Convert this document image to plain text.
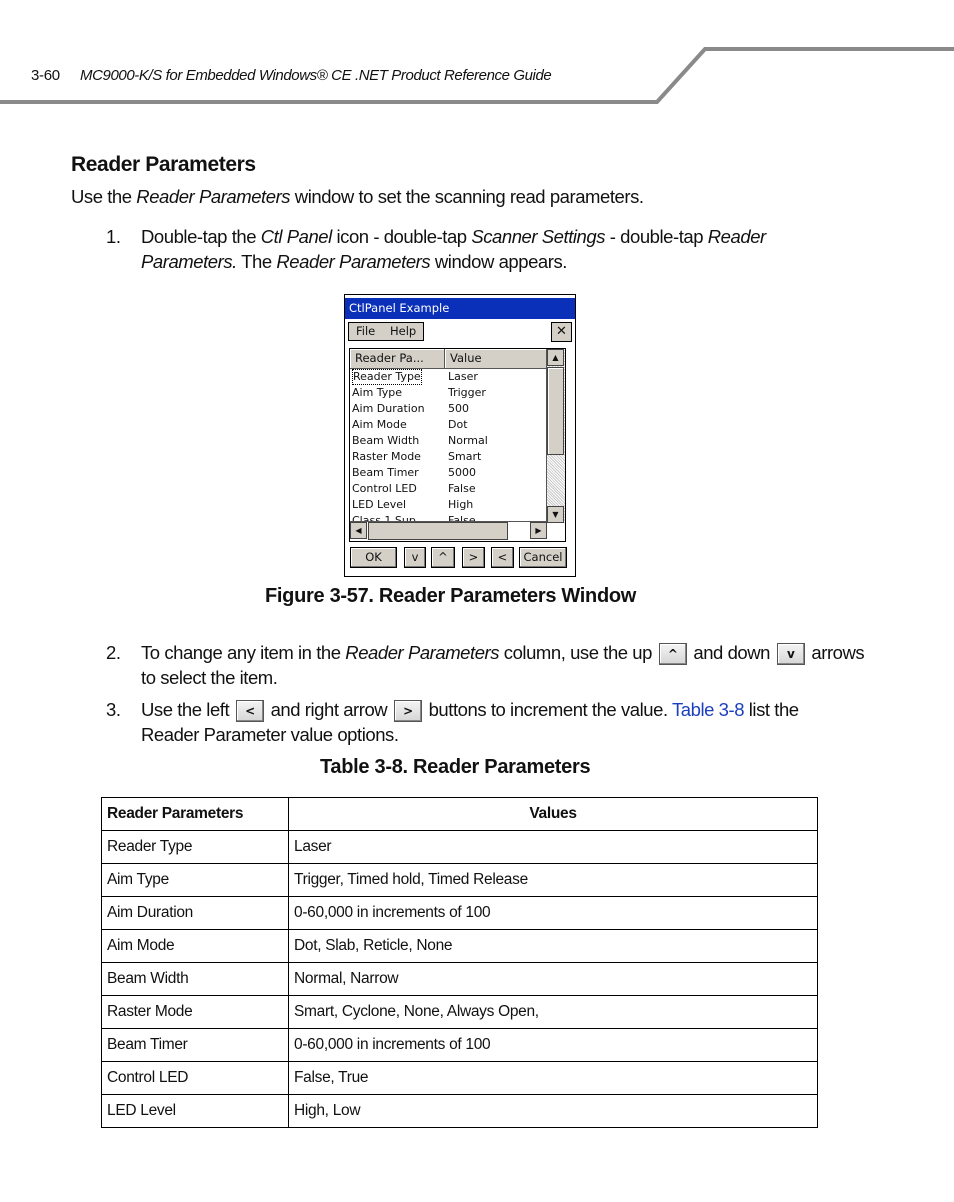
3-60 MC9000-K/S for Embedded Windows® CE .NET Product Reference Guide
Reader Parameters
Use the Reader Parameters window to set the scanning read parameters.
1. Double-tap the Ctl Panel icon - double-tap Scanner Settings - double-tap Reader
Parameters. The Reader Parameters window appears.
CtlPanel Example
File Help	✕
Reader Pa...	Value
Reader Type Laser
Aim Type	Trigger
Aim Duration 500
Aim Mode	Dot
Beam Width	Normal
Raster Mode Smart
Beam Timer	5000
Control LED	False
LED Level	High
▲
▼
◀	▶
OK	v	^	>	<	Cancel
Figure 3-57. Reader Parameters Window
2. To change any item in the Reader Parameters column, use the up ^ and down v arrows
to select the item.
3. Use the left < and right arrow > buttons to increment the value. Table 3-8 list the
Reader Parameter value options.
Table 3-8. Reader Parameters
Reader Parameters	Values
Reader Type	Laser
Aim Type	Trigger, Timed hold, Timed Release
Aim Duration	0-60,000 in increments of 100
Aim Mode	Dot, Slab, Reticle, None
Beam Width	Normal, Narrow
Raster Mode	Smart, Cyclone, None, Always Open,
Beam Timer	0-60,000 in increments of 100
Control LED	False, True
LED Level	High, Low
